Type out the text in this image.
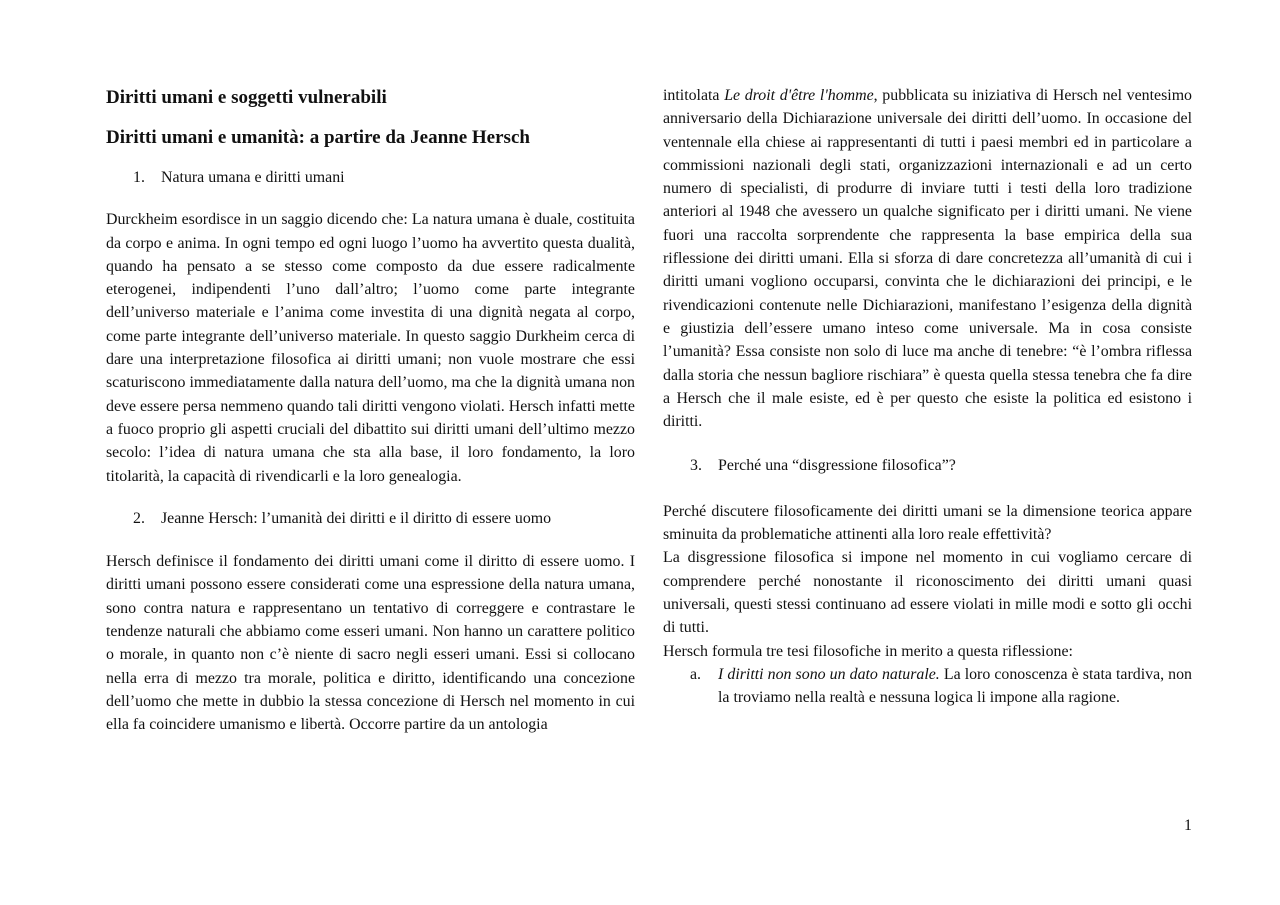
Diritti umani e soggetti vulnerabili
Diritti umani e umanità: a partire da Jeanne Hersch
1.	Natura umana e diritti umani

Durckheim esordisce in un saggio dicendo che: La natura umana è duale, costituita da corpo e anima. In ogni tempo ed ogni luogo l’uomo ha avvertito questa dualità, quando ha pensato a se stesso come composto da due essere radicalmente eterogenei, indipendenti l’uno dall’altro; l’uomo come parte integrante dell’universo materiale e l’anima come investita di una dignità negata al corpo, come parte integrante dell’universo materiale. In questo saggio Durkheim cerca di dare una interpretazione filosofica ai diritti umani; non vuole mostrare che essi scaturiscono immediatamente dalla natura dell’uomo, ma che la dignità umana non deve essere persa nemmeno quando tali diritti vengono violati. Hersch infatti mette a fuoco proprio gli aspetti cruciali del dibattito sui diritti umani dell’ultimo mezzo secolo: l’idea di natura umana che sta alla base, il loro fondamento, la loro titolarità, la capacità di rivendicarli e la loro genealogia.

2.	Jeanne Hersch: l’umanità dei diritti e il diritto di essere uomo

Hersch definisce il fondamento dei diritti umani come il diritto di essere uomo. I diritti umani possono essere considerati come una espressione della natura umana, sono contra natura e rappresentano un tentativo di correggere e contrastare le tendenze naturali che abbiamo come esseri umani. Non hanno un carattere politico o morale, in quanto non c’è niente di sacro negli esseri umani. Essi si collocano nella erra di mezzo tra morale, politica e diritto, identificando una concezione dell’uomo che mette in dubbio la stessa concezione di Hersch nel momento in cui ella fa coincidere umanismo e libertà. Occorre partire da un antologia

intitolata Le droit d'être l'homme, pubblicata su iniziativa di Hersch nel ventesimo anniversario della Dichiarazione universale dei diritti dell’uomo. In occasione del ventennale ella chiese ai rappresentanti di tutti i paesi membri ed in particolare a commissioni nazionali degli stati, organizzazioni internazionali e ad un certo numero di specialisti, di produrre di inviare tutti i testi della loro tradizione anteriori al 1948 che avessero un qualche significato per i diritti umani. Ne viene fuori una raccolta sorprendente che rappresenta la base empirica della sua riflessione dei diritti umani. Ella si sforza di dare concretezza all’umanità di cui i diritti umani vogliono occuparsi, convinta che le dichiarazioni dei principi, e le rivendicazioni contenute nelle Dichiarazioni, manifestano l’esigenza della dignità e giustizia dell’essere umano inteso come universale. Ma in cosa consiste l’umanità? Essa consiste non solo di luce ma anche di tenebre: “è l’ombra riflessa dalla storia che nessun bagliore rischiara” è questa quella stessa tenebra che fa dire a Hersch che il male esiste, ed è per questo che esiste la politica ed esistono i diritti.

3.	Perché una “disgressione filosofica”?

Perché discutere filosoficamente dei diritti umani se la dimensione teorica appare sminuita da problematiche attinenti alla loro reale effettività?

La disgressione filosofica si impone nel momento in cui vogliamo cercare di comprendere perché nonostante il riconoscimento dei diritti umani quasi universali, questi stessi continuano ad essere violati in mille modi e sotto gli occhi di tutti.

Hersch formula tre tesi filosofiche in merito a questa riflessione:

a.	I diritti non sono un dato naturale. La loro conoscenza è stata tardiva, non la troviamo nella realtà e nessuna logica li impone alla ragione.
1
